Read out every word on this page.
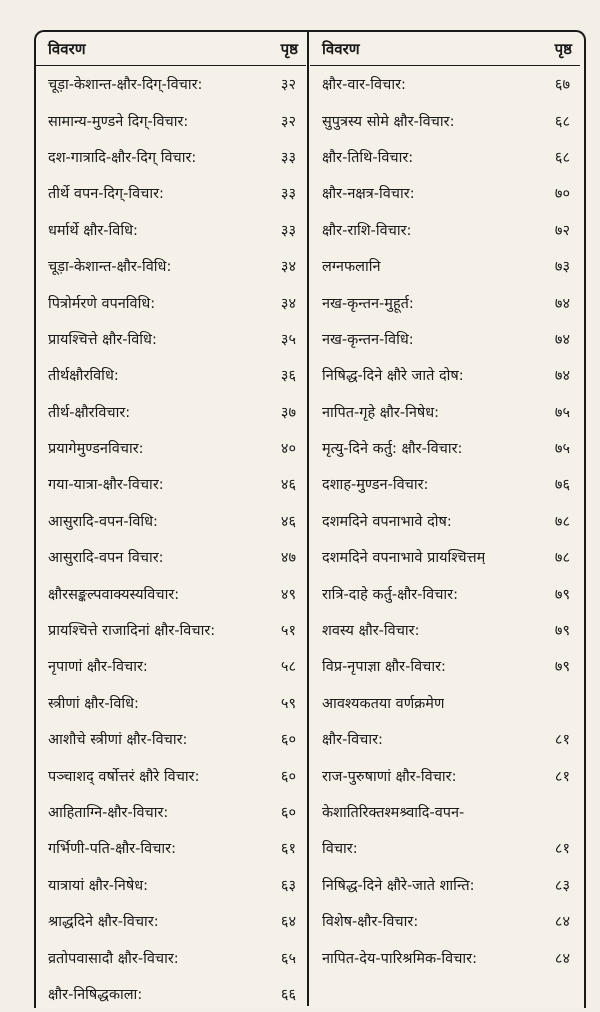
विवरण	पृष्ठ
चूड़ा-केशान्त-क्षौर-दिग्-विचार:	३२
सामान्य-मुण्डने दिग्-विचार:	३२
दश-गात्रादि-क्षौर-दिग् विचार:	३३
तीर्थे वपन-दिग्-विचार:	३३
धर्मार्थे क्षौर-विधि:	३३
चूड़ा-केशान्त-क्षौर-विधि:	३४
पित्रोर्मरणे वपनविधि:	३४
प्रायश्चित्ते क्षौर-विधि:	३५
तीर्थक्षौरविधि:	३६
तीर्थ-क्षौरविचार:	३७
प्रयागेमुण्डनविचार:	४०
गया-यात्रा-क्षौर-विचार:	४६
आसुरादि-वपन-विधि:	४६
आसुरादि-वपन विचार:	४७
क्षौरसङ्कल्पवाक्यस्यविचार:	४९
प्रायश्चित्ते राजादिनां क्षौर-विचार:	५१
नृपाणां क्षौर-विचार:	५८
स्त्रीणां क्षौर-विधि:	५९
आशौचे स्त्रीणां क्षौर-विचार:	६०
पञ्चाशद् वर्षोत्तरं क्षौरे विचार:	६०
आहिताग्नि-क्षौर-विचार:	६०
गर्भिणी-पति-क्षौर-विचार:	६१
यात्रायां क्षौर-निषेध:	६३
श्राद्धदिने क्षौर-विचार:	६४
व्रतोपवासादौ क्षौर-विचार:	६५
क्षौर-निषिद्धकाला:	६६
विवरण	पृष्ठ
क्षौर-वार-विचार:	६७
सुपुत्रस्य सोमे क्षौर-विचार:	६८
क्षौर-तिथि-विचार:	६८
क्षौर-नक्षत्र-विचार:	७०
क्षौर-राशि-विचार:	७२
लग्नफलानि	७३
नख-कृन्तन-मुहूर्त:	७४
नख-कृन्तन-विधि:	७४
निषिद्ध-दिने क्षौरे जाते दोष:	७४
नापित-गृहे क्षौर-निषेध:	७५
मृत्यु-दिने कर्तु: क्षौर-विचार:	७५
दशाह-मुण्डन-विचार:	७६
दशमदिने वपनाभावे दोष:	७८
दशमदिने वपनाभावे प्रायश्चित्तम्	७८
रात्रि-दाहे कर्तु-क्षौर-विचार:	७९
शवस्य क्षौर-विचार:	७९
विप्र-नृपाज्ञा क्षौर-विचार:	७९
आवश्यकतया वर्णक्रमेण
क्षौर-विचार:	८१
राज-पुरुषाणां क्षौर-विचार:	८१
केशातिरिक्तश्मश्र्वादि-वपन-
विचार:	८१
निषिद्ध-दिने क्षौरे-जाते शान्ति:	८३
विशेष-क्षौर-विचार:	८४
नापित-देय-पारिश्रमिक-विचार:	८४
